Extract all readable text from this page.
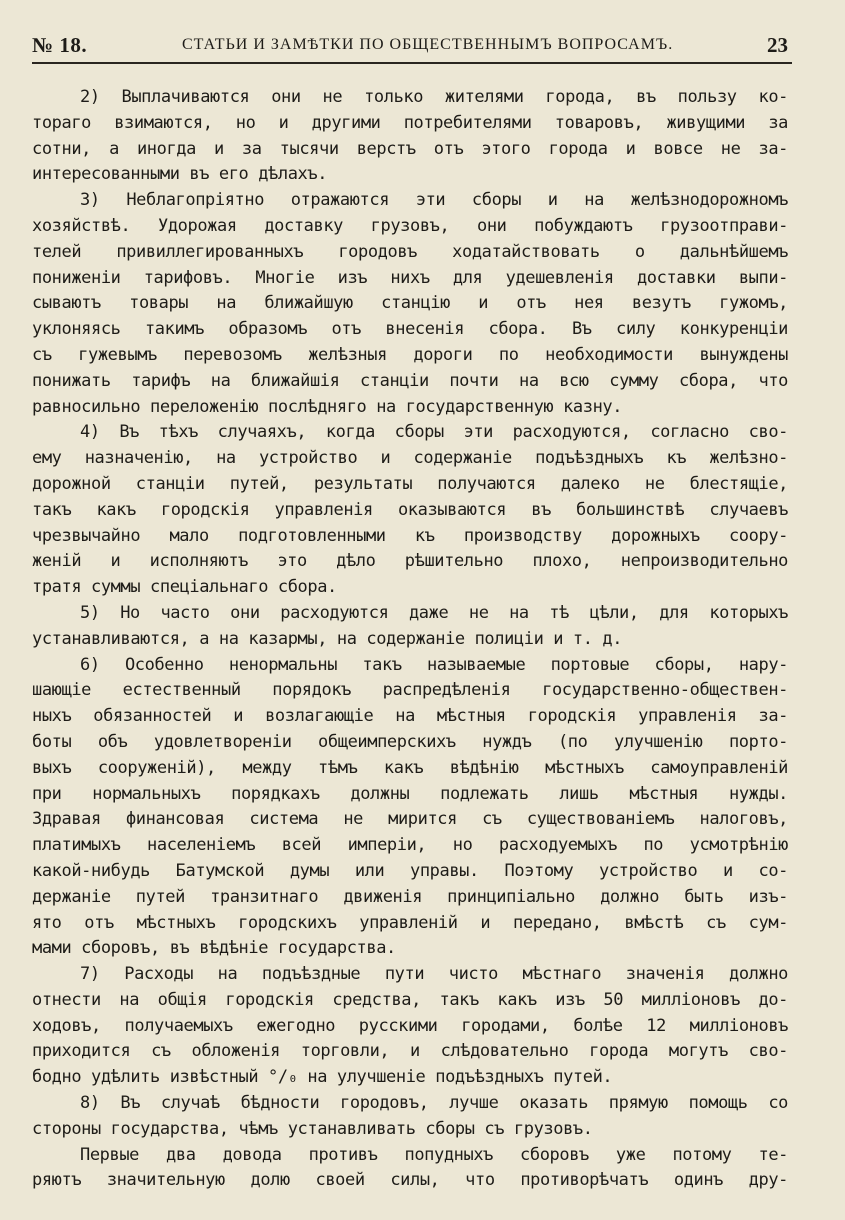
№ 18.	СТАТЬИ И ЗАМѢТКИ ПО ОБЩЕСТВЕННЫМЪ ВОПРОСАМЪ.	23
2) Выплачиваются они не только жителями города, въ пользу ко-
тораго взимаются, но и другими потребителями товаровъ, живущими за
сотни, а иногда и за тысячи верстъ отъ этого города и вовсе не за-
интересованными въ его дѣлахъ.
3) Неблагопріятно отражаются эти сборы и на желѣзнодорожномъ
хозяйствѣ. Удорожая доставку грузовъ, они побуждаютъ грузоотправи-
телей привиллегированныхъ городовъ ходатайствовать о дальнѣйшемъ
пониженіи тарифовъ. Многіе изъ нихъ для удешевленія доставки выпи-
сываютъ товары на ближайшую станцію и отъ нея везутъ гужомъ,
уклоняясь такимъ образомъ отъ внесенія сбора. Въ силу конкуренціи
съ гужевымъ перевозомъ желѣзныя дороги по необходимости вынуждены
понижать тарифъ на ближайшія станціи почти на всю сумму сбора, что
равносильно переложенію послѣдняго на государственную казну.
4) Въ тѣхъ случаяхъ, когда сборы эти расходуются, согласно сво-
ему назначенію, на устройство и содержаніе подъѣздныхъ къ желѣзно-
дорожной станціи путей, результаты получаются далеко не блестящіе,
такъ какъ городскія управленія оказываются въ большинствѣ случаевъ
чрезвычайно мало подготовленными къ производству дорожныхъ соору-
женій и исполняютъ это дѣло рѣшительно плохо, непроизводительно
тратя суммы спеціальнаго сбора.
5) Но часто они расходуются даже не на тѣ цѣли, для которыхъ
устанавливаются, а на казармы, на содержаніе полиціи и т. д.
6) Особенно ненормальны такъ называемые портовые сборы, нару-
шающіе естественный порядокъ распредѣленія государственно-обществен-
ныхъ обязанностей и возлагающіе на мѣстныя городскія управленія за-
боты объ удовлетвореніи общеимперскихъ нуждъ (по улучшенію порто-
выхъ сооруженій), между тѣмъ какъ вѣдѣнію мѣстныхъ самоуправленій
при нормальныхъ порядкахъ должны подлежать лишь мѣстныя нужды.
Здравая финансовая система не мирится съ существованіемъ налоговъ,
платимыхъ населеніемъ всей имперіи, но расходуемыхъ по усмотрѣнію
какой-нибудь Батумской думы или управы. Поэтому устройство и со-
держаніе путей транзитнаго движенія принципіально должно быть изъ-
ято отъ мѣстныхъ городскихъ управленій и передано, вмѣстѣ съ сум-
мами сборовъ, въ вѣдѣніе государства.
7) Расходы на подъѣздные пути чисто мѣстнаго значенія должно
отнести на общія городскія средства, такъ какъ изъ 50 милліоновъ до-
ходовъ, получаемыхъ ежегодно русскими городами, болѣе 12 милліоновъ
приходится съ обложенія торговли, и слѣдовательно города могутъ сво-
бодно удѣлить извѣстный °/₀ на улучшеніе подъѣздныхъ путей.
8) Въ случаѣ бѣдности городовъ, лучше оказать прямую помощь со
стороны государства, чѣмъ устанавливать сборы съ грузовъ.
Первые два довода противъ попудныхъ сборовъ уже потому те-
ряютъ значительную долю своей силы, что противорѣчатъ одинъ дру-
